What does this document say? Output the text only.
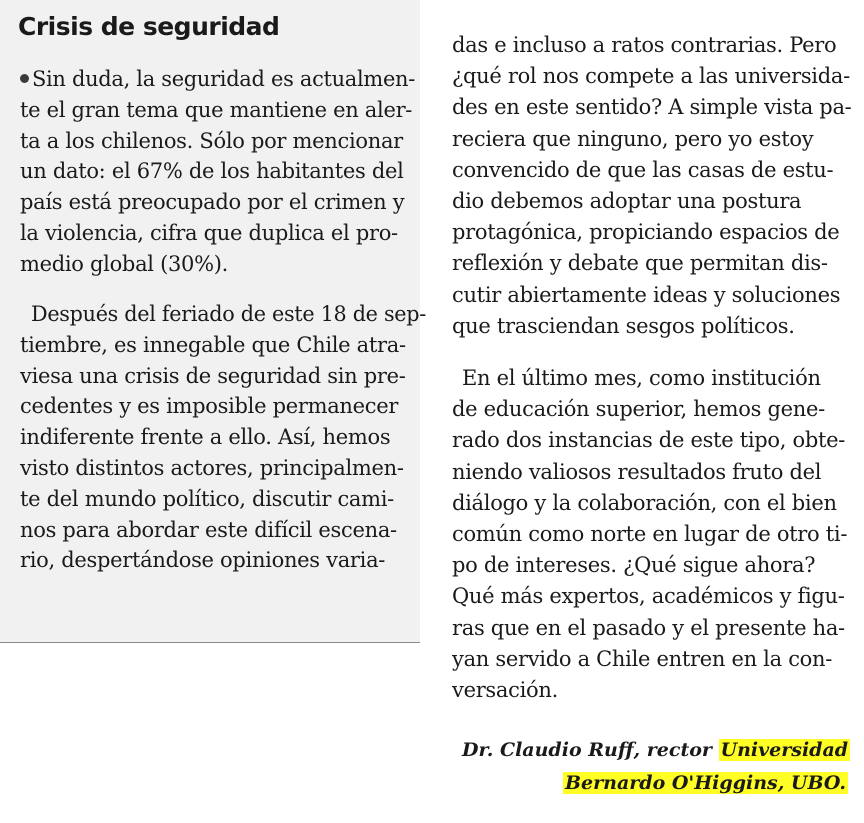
Crisis de seguridad
Sin duda, la seguridad es actualmen-
te el gran tema que mantiene en aler-
ta a los chilenos. Sólo por mencionar
un dato: el 67% de los habitantes del
país está preocupado por el crimen y
la violencia, cifra que duplica el pro-
medio global (30%).
Después del feriado de este 18 de sep-
tiembre, es innegable que Chile atra-
viesa una crisis de seguridad sin pre-
cedentes y es imposible permanecer
indiferente frente a ello. Así, hemos
visto distintos actores, principalmen-
te del mundo político, discutir cami-
nos para abordar este difícil escena-
rio, despertándose opiniones varia-
das e incluso a ratos contrarias. Pero
¿qué rol nos compete a las universida-
des en este sentido? A simple vista pa-
reciera que ninguno, pero yo estoy
convencido de que las casas de estu-
dio debemos adoptar una postura
protagónica, propiciando espacios de
reflexión y debate que permitan dis-
cutir abiertamente ideas y soluciones
que trasciendan sesgos políticos.
En el último mes, como institución
de educación superior, hemos gene-
rado dos instancias de este tipo, obte-
niendo valiosos resultados fruto del
diálogo y la colaboración, con el bien
común como norte en lugar de otro ti-
po de intereses. ¿Qué sigue ahora?
Qué más expertos, académicos y figu-
ras que en el pasado y el presente ha-
yan servido a Chile entren en la con-
versación.
Dr. Claudio Ruff, rector Universidad
Bernardo O'Higgins, UBO.
